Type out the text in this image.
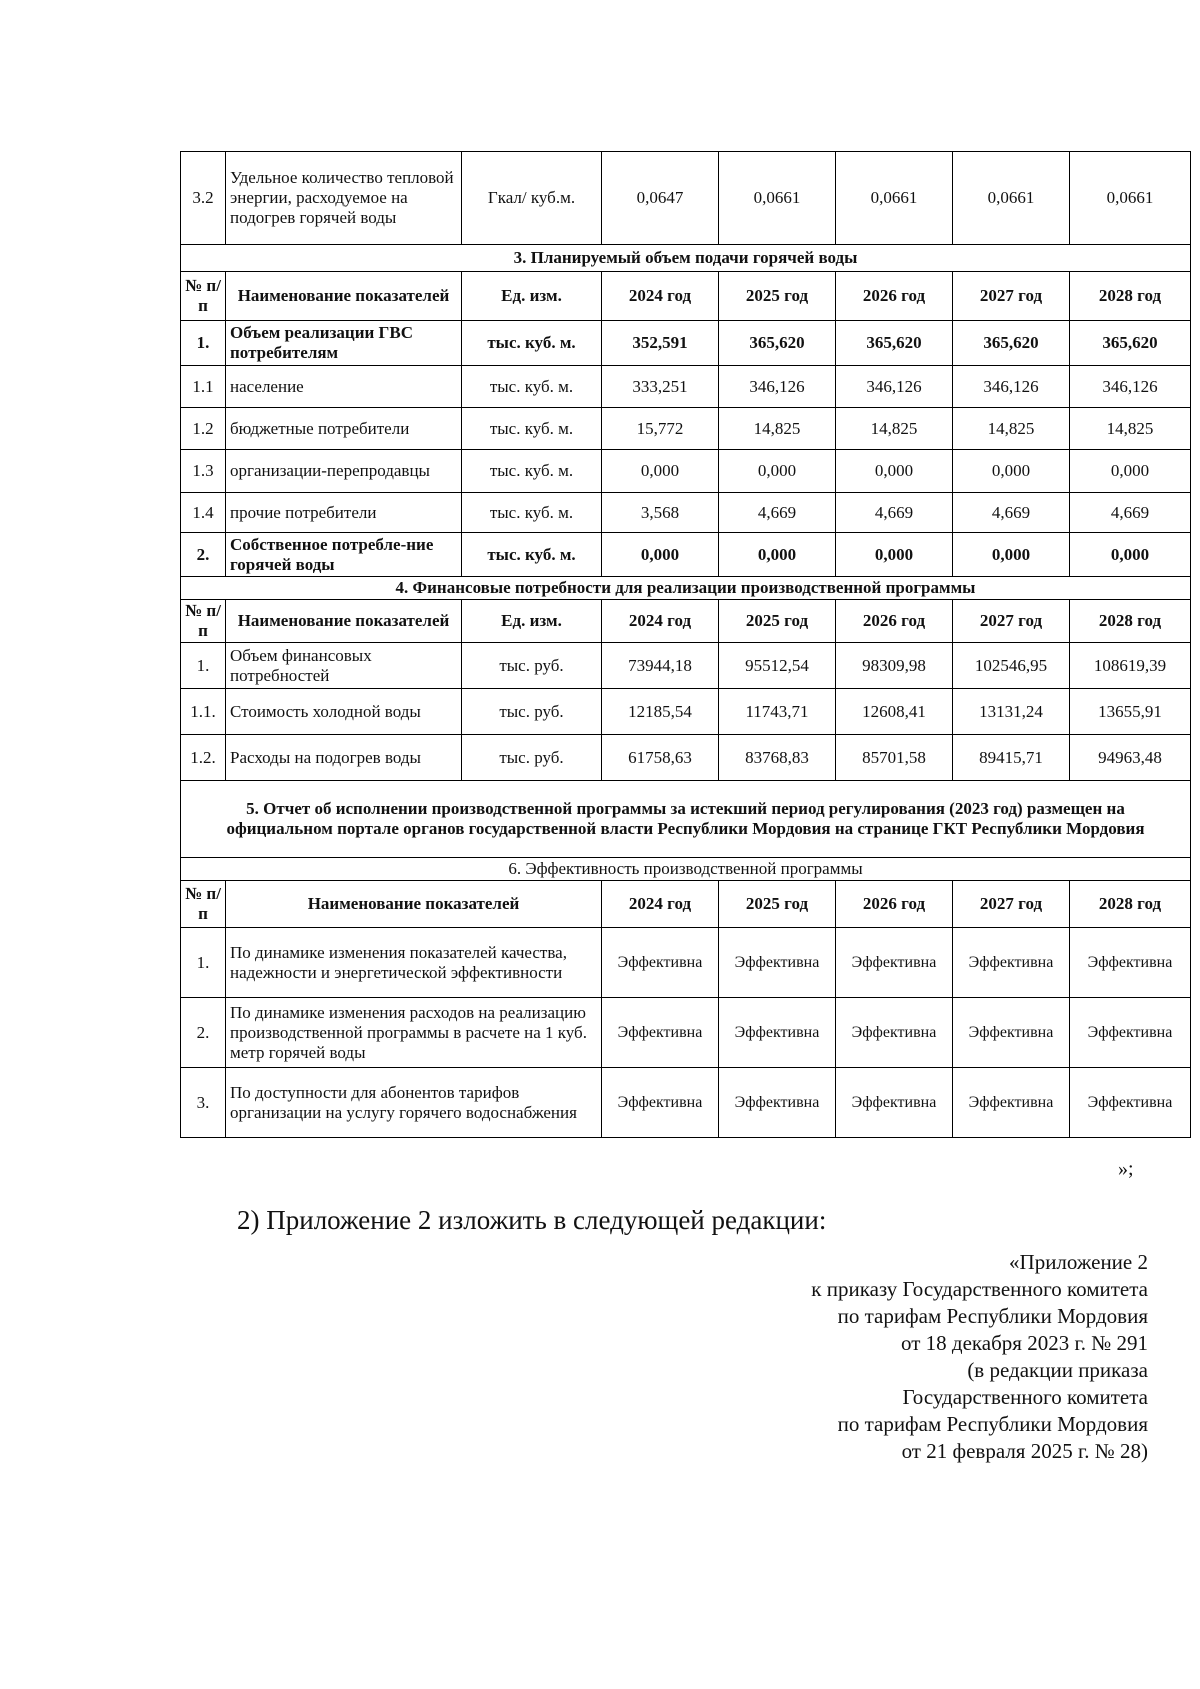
3.2	Удельное количество тепловой энергии, расходуемое на подогрев горячей воды	Гкал/ куб.м.	0,0647	0,0661	0,0661	0,0661	0,0661
3. Планируемый объем подачи горячей воды							
№ п/п	Наименование показателей	Ед. изм.	2024 год	2025 год	2026 год	2027 год	2028 год
1.	Объем реализации ГВС потребителям	тыс. куб. м.	352,591	365,620	365,620	365,620	365,620
1.1	население	тыс. куб. м.	333,251	346,126	346,126	346,126	346,126
1.2	бюджетные потребители	тыс. куб. м.	15,772	14,825	14,825	14,825	14,825
1.3	организации-перепродавцы	тыс. куб. м.	0,000	0,000	0,000	0,000	0,000
1.4	прочие потребители	тыс. куб. м.	3,568	4,669	4,669	4,669	4,669
2.	Собственное потребле-ние горячей воды	тыс. куб. м.	0,000	0,000	0,000	0,000	0,000
4. Финансовые потребности для реализации производственной программы							
№ п/п	Наименование показателей	Ед. изм.	2024 год	2025 год	2026 год	2027 год	2028 год
1.	Объем финансовых потребностей	тыс. руб.	73944,18	95512,54	98309,98	102546,95	108619,39
1.1.	Стоимость холодной воды	тыс. руб.	12185,54	11743,71	12608,41	13131,24	13655,91
1.2.	Расходы на подогрев воды	тыс. руб.	61758,63	83768,83	85701,58	89415,71	94963,48
5. Отчет об исполнении производственной программы за истекший период регулирования (2023 год) размещен на официальном портале органов государственной власти Республики Мордовия на странице ГКТ Республики Мордовия							
6. Эффективность производственной программы							
№ п/п	Наименование показателей		2024 год	2025 год	2026 год	2027 год	2028 год
1.	По динамике изменения показателей качества, надежности и энергетической эффективности		Эффективна	Эффективна	Эффективна	Эффективна	Эффективна
2.	По динамике изменения расходов на реализацию производственной программы в расчете на 1 куб. метр горячей воды		Эффективна	Эффективна	Эффективна	Эффективна	Эффективна
3.	По доступности для абонентов тарифов организации на услугу горячего водоснабжения		Эффективна	Эффективна	Эффективна	Эффективна	Эффективна
»;
2) Приложение 2 изложить в следующей редакции:
«Приложение 2
к приказу Государственного комитета
по тарифам Республики Мордовия
от 18 декабря 2023 г. № 291
(в редакции приказа
Государственного комитета
по тарифам Республики Мордовия
от 21 февраля 2025 г. № 28)
